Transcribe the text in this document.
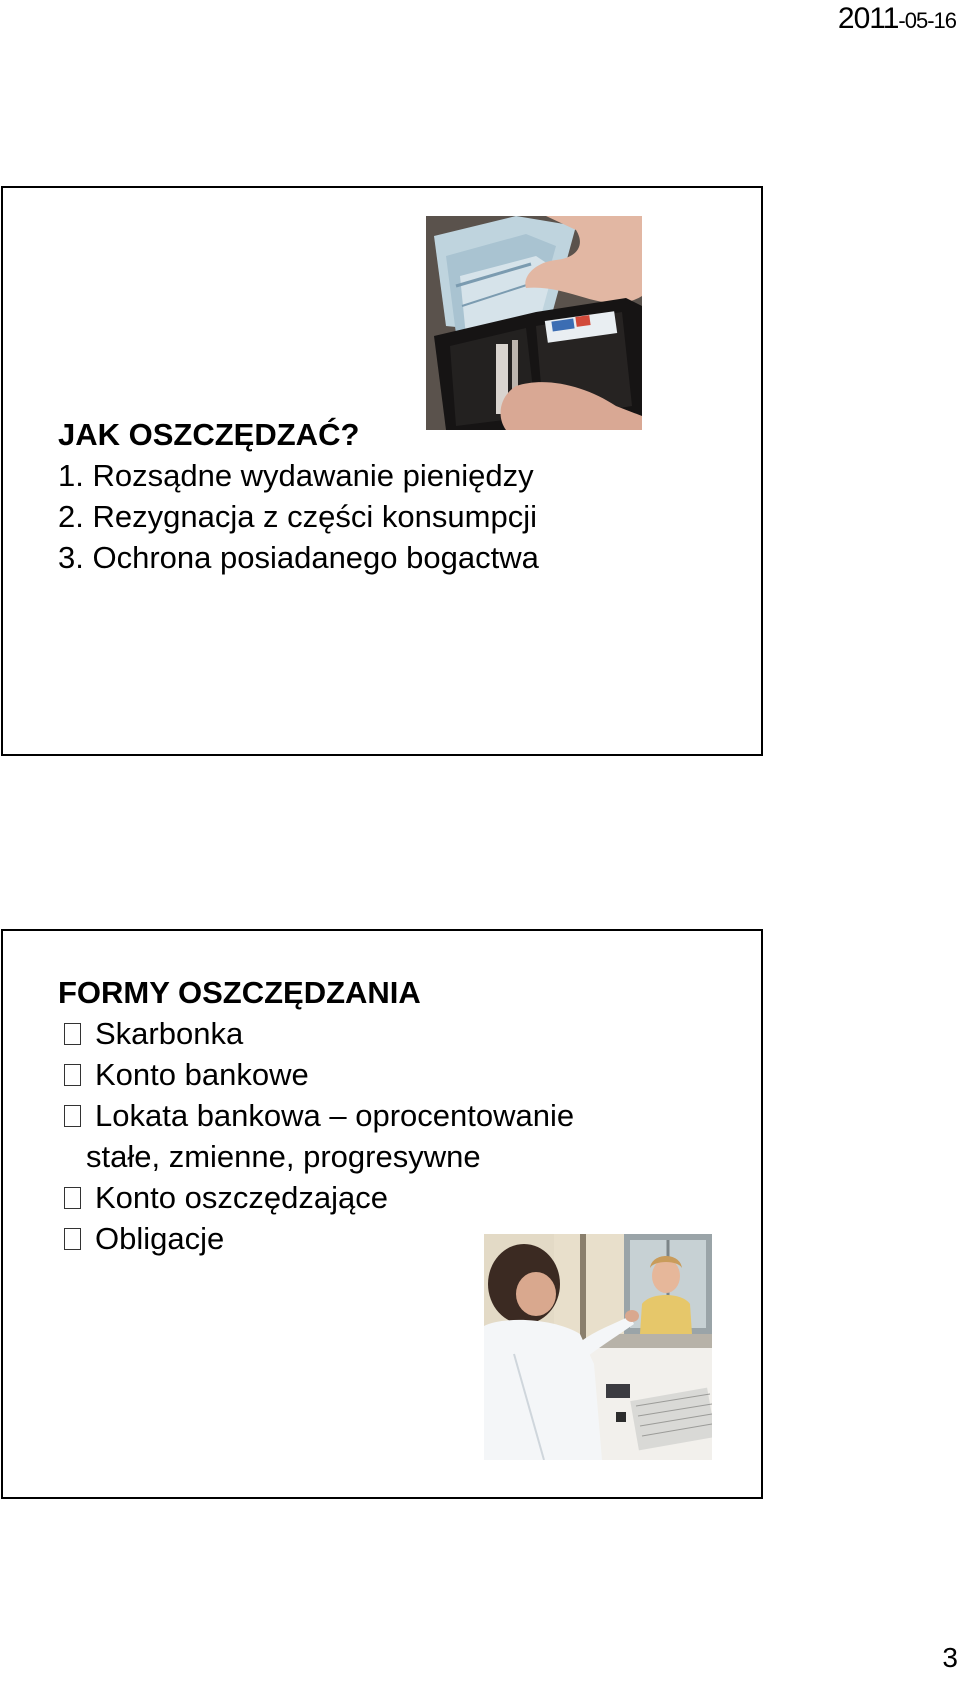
2011-05-16
JAK OSZCZĘDZAĆ?
1. Rozsądne wydawanie pieniędzy
2. Rezygnacja z części konsumpcji
3. Ochrona posiadanego bogactwa
FORMY OSZCZĘDZANIA
Skarbonka
Konto bankowe
Lokata bankowa – oprocentowanie
stałe, zmienne, progresywne
Konto oszczędzające
Obligacje
3
